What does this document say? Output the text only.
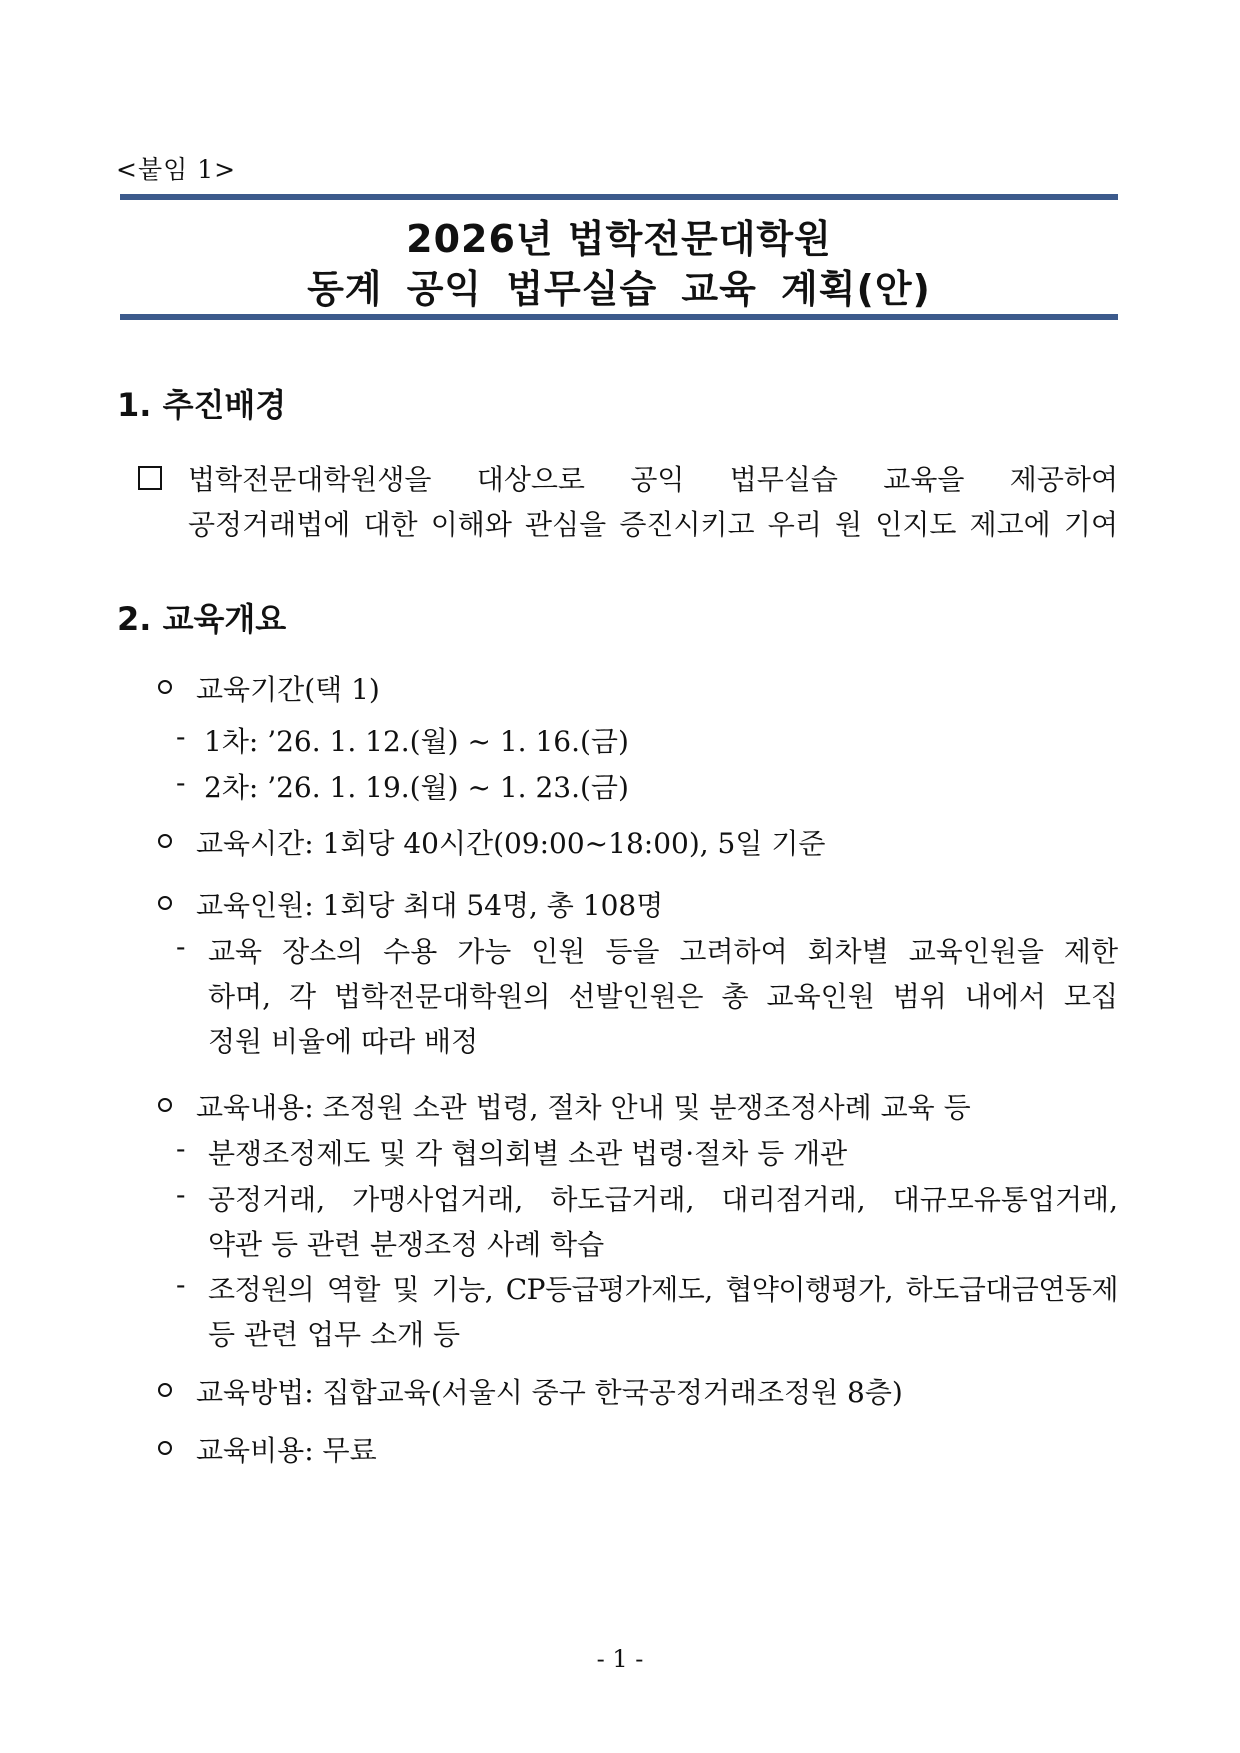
<붙임 1>
2026년 법학전문대학원
동계 공익 법무실습 교육 계획(안)
1. 추진배경
법학전문대학원생을 대상으로 공익 법무실습 교육을 제공하여
공정거래법에 대한 이해와 관심을 증진시키고 우리 원 인지도 제고에 기여
2. 교육개요
교육기간(택 1)
- 1차: ’26. 1. 12.(월) ~ 1. 16.(금)
- 2차: ’26. 1. 19.(월) ~ 1. 23.(금)
교육시간: 1회당 40시간(09:00~18:00), 5일 기준
교육인원: 1회당 최대 54명, 총 108명
- 교육 장소의 수용 가능 인원 등을 고려하여 회차별 교육인원을 제한
하며, 각 법학전문대학원의 선발인원은 총 교육인원 범위 내에서 모집
정원 비율에 따라 배정
교육내용: 조정원 소관 법령, 절차 안내 및 분쟁조정사례 교육 등
- 분쟁조정제도 및 각 협의회별 소관 법령·절차 등 개관
- 공정거래, 가맹사업거래, 하도급거래, 대리점거래, 대규모유통업거래,
약관 등 관련 분쟁조정 사례 학습
- 조정원의 역할 및 기능, CP등급평가제도, 협약이행평가, 하도급대금연동제
등 관련 업무 소개 등
교육방법: 집합교육(서울시 중구 한국공정거래조정원 8층)
교육비용: 무료
- 1 -
